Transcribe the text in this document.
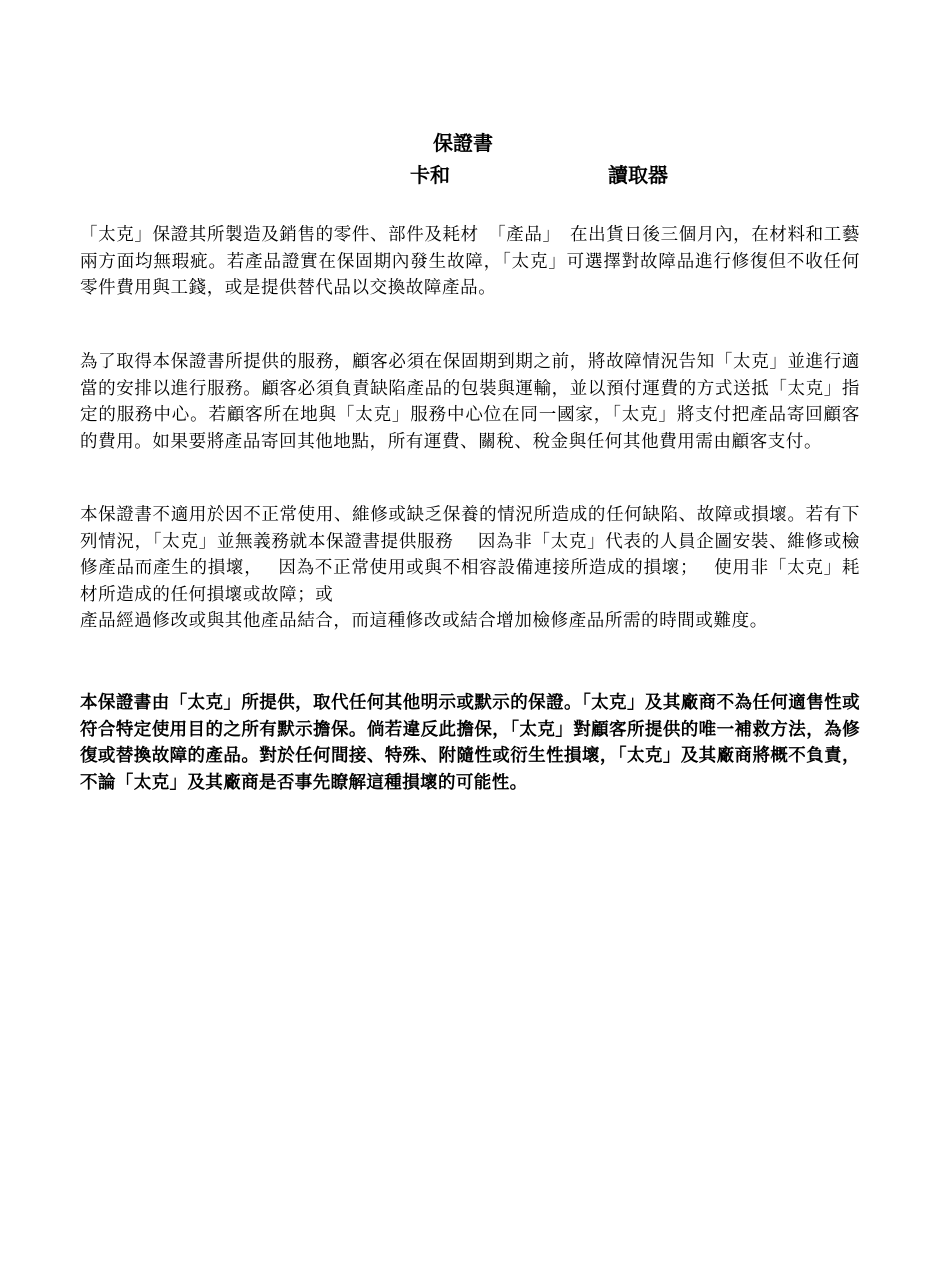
保證書
卡和	讀取器

「太克」保證其所製造及銷售的零件、部件及耗材　「產品」　在出貨日後三個月內，在材料和工藝兩方面均無瑕疵。若產品證實在保固期內發生故障，「太克」可選擇對故障品進行修復但不收任何零件費用與工錢，或是提供替代品以交換故障產品。

為了取得本保證書所提供的服務，顧客必須在保固期到期之前，將故障情況告知「太克」並進行適當的安排以進行服務。顧客必須負責缺陷產品的包裝與運輸，並以預付運費的方式送抵「太克」指定的服務中心。若顧客所在地與「太克」服務中心位在同一國家，「太克」將支付把產品寄回顧客的費用。如果要將產品寄回其他地點，所有運費、關稅、稅金與任何其他費用需由顧客支付。

本保證書不適用於因不正常使用、維修或缺乏保養的情況所造成的任何缺陷、故障或損壞。若有下列情況，「太克」並無義務就本保證書提供服務　 因為非「太克」代表的人員企圖安裝、維修或檢修產品而產生的損壞，　 因為不正常使用或與不相容設備連接所造成的損壞；　 使用非「太克」耗材所造成的任何損壞或故障；或
產品經過修改或與其他產品結合，而這種修改或結合增加檢修產品所需的時間或難度。

本保證書由「太克」所提供，取代任何其他明示或默示的保證。「太克」及其廠商不為任何適售性或符合特定使用目的之所有默示擔保。倘若違反此擔保，「太克」對顧客所提供的唯一補救方法，為修復或替換故障的產品。對於任何間接、特殊、附隨性或衍生性損壞，「太克」及其廠商將概不負責，不論「太克」及其廠商是否事先瞭解這種損壞的可能性。
